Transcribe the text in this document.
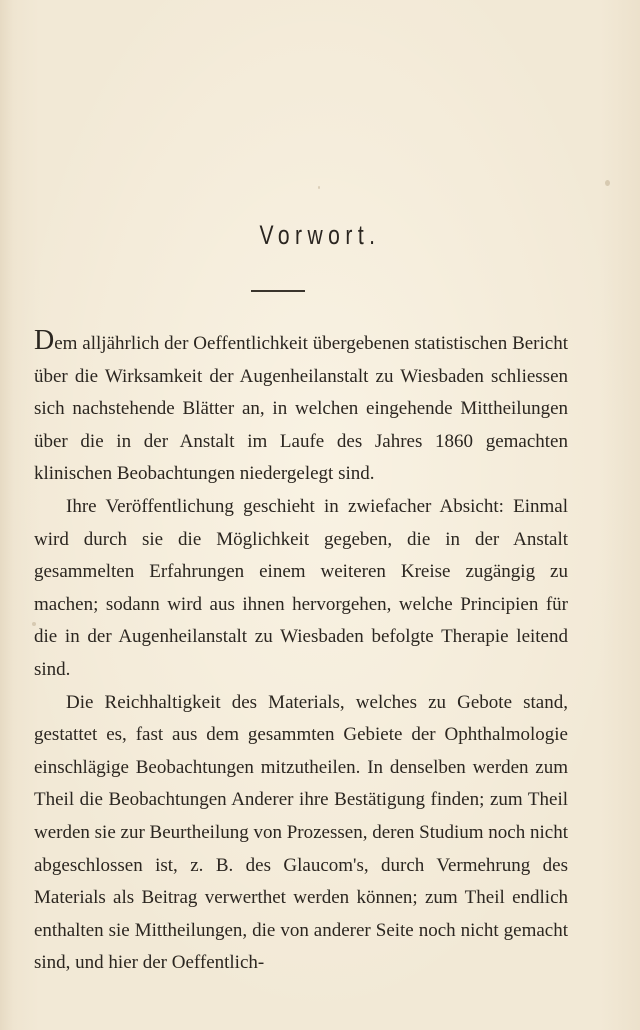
Vorwort.

Dem alljährlich der Oeffentlichkeit übergebenen statistischen Bericht über die Wirksamkeit der Augenheilanstalt zu Wiesbaden schliessen sich nachstehende Blätter an, in welchen eingehende Mittheilungen über die in der Anstalt im Laufe des Jahres 1860 gemachten klinischen Beobachtungen niedergelegt sind.

Ihre Veröffentlichung geschieht in zwiefacher Absicht: Einmal wird durch sie die Möglichkeit gegeben, die in der Anstalt gesammelten Erfahrungen einem weiteren Kreise zugängig zu machen; sodann wird aus ihnen hervorgehen, welche Principien für die in der Augenheilanstalt zu Wiesbaden befolgte Therapie leitend sind.

Die Reichhaltigkeit des Materials, welches zu Gebote stand, gestattet es, fast aus dem gesammten Gebiete der Ophthalmologie einschlägige Beobachtungen mitzutheilen. In denselben werden zum Theil die Beobachtungen Anderer ihre Bestätigung finden; zum Theil werden sie zur Beurtheilung von Prozessen, deren Studium noch nicht abgeschlossen ist, z. B. des Glaucom's, durch Vermehrung des Materials als Beitrag verwerthet werden können; zum Theil endlich enthalten sie Mittheilungen, die von anderer Seite noch nicht gemacht sind, und hier der Oeffentlich-
